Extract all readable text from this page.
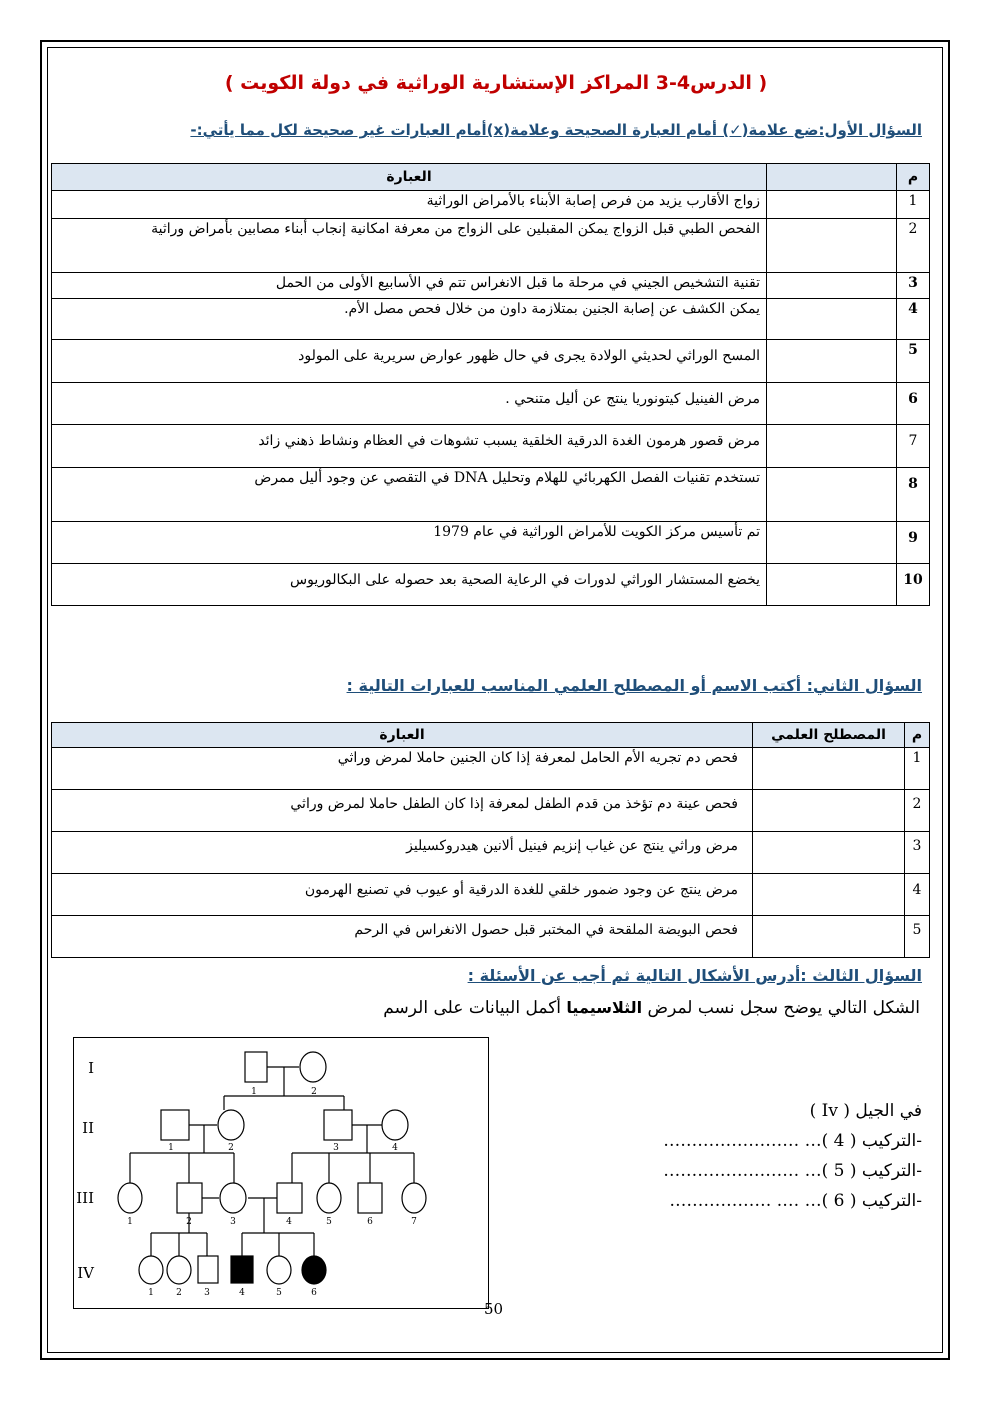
( الدرس4-3 المراكز الإستشارية الوراثية في دولة الكويت )
السؤال الأول:ضع علامة(✓) أمام العبارة الصحيحة وعلامة(x)أمام العبارات غير صحيحة لكل مما يأتي:-
م		العبارة
1		زواج الأقارب يزيد من فرص إصابة الأبناء بالأمراض الوراثية
2		الفحص الطبي قبل الزواج يمكن المقبلين على الزواج من معرفة امكانية إنجاب أبناء مصابين بأمراض وراثية
3		تقنية التشخيص الجيني في مرحلة ما قبل الانغراس تتم في الأسابيع الأولى من الحمل
4		يمكن الكشف عن إصابة الجنين بمتلازمة داون من خلال فحص مصل الأم.
5		المسح الوراثي لحديثي الولادة يجرى في حال ظهور عوارض سريرية على المولود
6		مرض الفينيل كيتونوريا ينتج عن أليل متنحي .
7		مرض قصور هرمون الغدة الدرقية الخلقية يسبب تشوهات في العظام ونشاط ذهني زائد
8		تستخدم تقنيات الفصل الكهربائي للهلام وتحليل DNA في التقصي عن وجود أليل ممرض
9		تم تأسيس مركز الكويت للأمراض الوراثية في عام 1979
10		يخضع المستشار الوراثي لدورات في الرعاية الصحية بعد حصوله على البكالوريوس
السؤال الثاني: أكتب الاسم أو المصطلح العلمي المناسب للعبارات التالية :
م	المصطلح العلمي	العبارة
1		فحص دم تجريه الأم الحامل لمعرفة إذا كان الجنين حاملا لمرض وراثي
2		فحص عينة دم تؤخذ من قدم الطفل لمعرفة إذا كان الطفل حاملا لمرض وراثي
3		مرض وراثي ينتج عن غياب إنزيم فينيل ألانين هيدروكسيليز
4		مرض ينتج عن وجود ضمور خلقي للغدة الدرقية أو عيوب في تصنيع الهرمون
5		فحص البويضة الملقحة في المختبر قبل حصول الانغراس في الرحم
السؤال الثالث :أدرس الأشكال التالية ثم أجب عن الأسئلة :
الشكل التالي يوضح سجل نسب لمرض الثلاسيميا أكمل البيانات على الرسم
I
II
III
IV
1	2
1	2	3	4
1	2	3	4	5	6	7
1 2 3	4	5	6
في الجيل ( Iv )
-التركيب ( 4 )… ……………………
-التركيب ( 5 )… ……………………
-التركيب ( 6 )… …. ………………
50
